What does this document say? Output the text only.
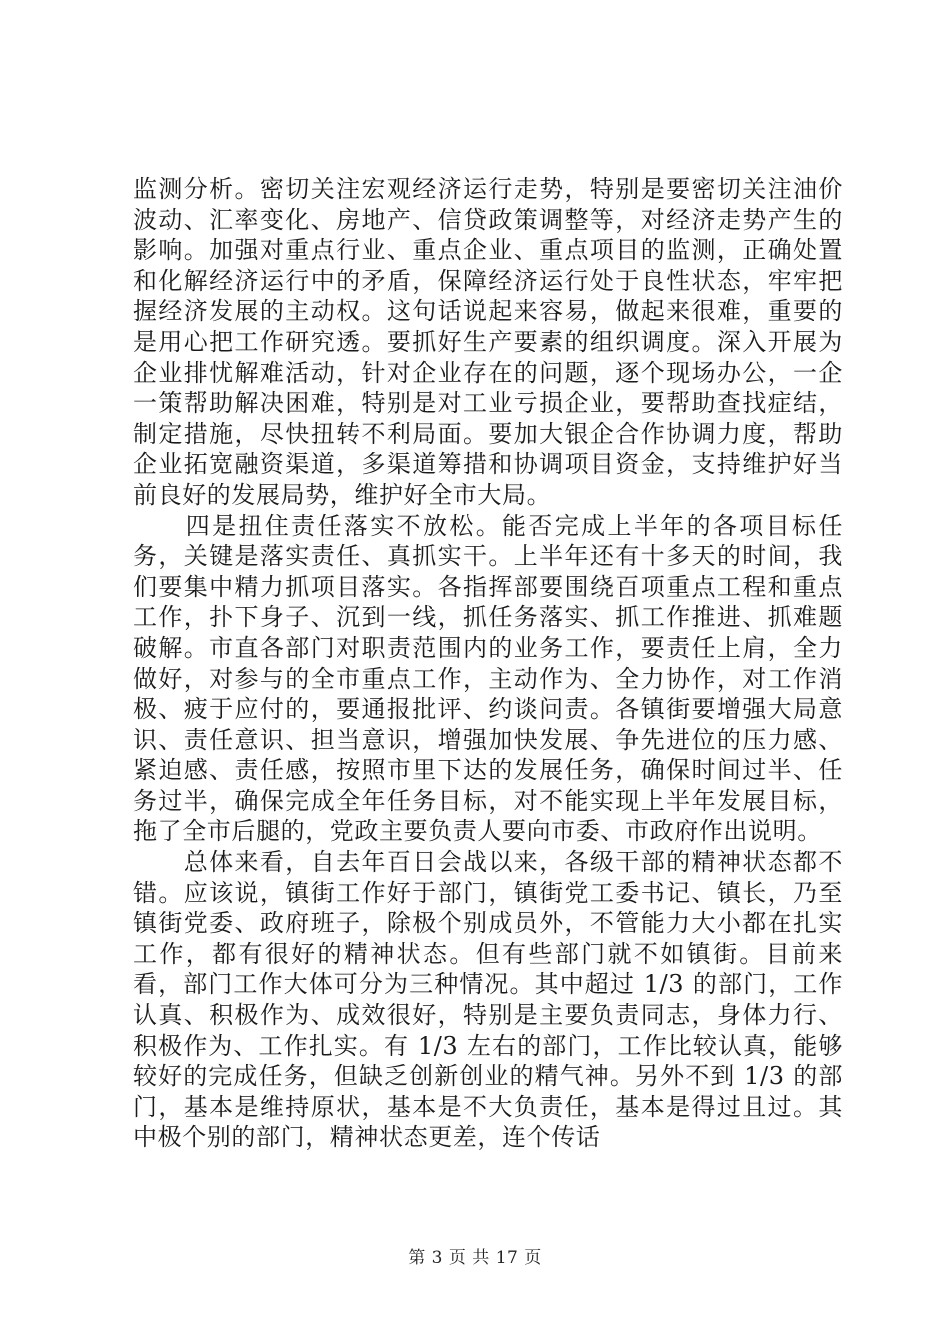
监测分析。密切关注宏观经济运行走势，特别是要密切关注油价波动、汇率变化、房地产、信贷政策调整等，对经济走势产生的影响。加强对重点行业、重点企业、重点项目的监测，正确处置和化解经济运行中的矛盾，保障经济运行处于良性状态，牢牢把握经济发展的主动权。这句话说起来容易，做起来很难，重要的是用心把工作研究透。要抓好生产要素的组织调度。深入开展为企业排忧解难活动，针对企业存在的问题，逐个现场办公，一企一策帮助解决困难，特别是对工业亏损企业，要帮助查找症结，制定措施，尽快扭转不利局面。要加大银企合作协调力度，帮助企业拓宽融资渠道，多渠道筹措和协调项目资金，支持维护好当前良好的发展局势，维护好全市大局。

　　四是扭住责任落实不放松。能否完成上半年的各项目标任务，关键是落实责任、真抓实干。上半年还有十多天的时间，我们要集中精力抓项目落实。各指挥部要围绕百项重点工程和重点工作，扑下身子、沉到一线，抓任务落实、抓工作推进、抓难题破解。市直各部门对职责范围内的业务工作，要责任上肩，全力做好，对参与的全市重点工作，主动作为、全力协作，对工作消极、疲于应付的，要通报批评、约谈问责。各镇街要增强大局意识、责任意识、担当意识，增强加快发展、争先进位的压力感、紧迫感、责任感，按照市里下达的发展任务，确保时间过半、任务过半，确保完成全年任务目标，对不能实现上半年发展目标，拖了全市后腿的，党政主要负责人要向市委、市政府作出说明。

　　总体来看，自去年百日会战以来，各级干部的精神状态都不错。应该说，镇街工作好于部门，镇街党工委书记、镇长，乃至镇街党委、政府班子，除极个别成员外，不管能力大小都在扎实工作，都有很好的精神状态。但有些部门就不如镇街。目前来看，部门工作大体可分为三种情况。其中超过 1/3 的部门，工作认真、积极作为、成效很好，特别是主要负责同志，身体力行、积极作为、工作扎实。有 1/3 左右的部门，工作比较认真，能够较好的完成任务，但缺乏创新创业的精气神。另外不到 1/3 的部门，基本是维持原状，基本是不大负责任，基本是得过且过。其中极个别的部门，精神状态更差，连个传话

第 3 页 共 17 页
